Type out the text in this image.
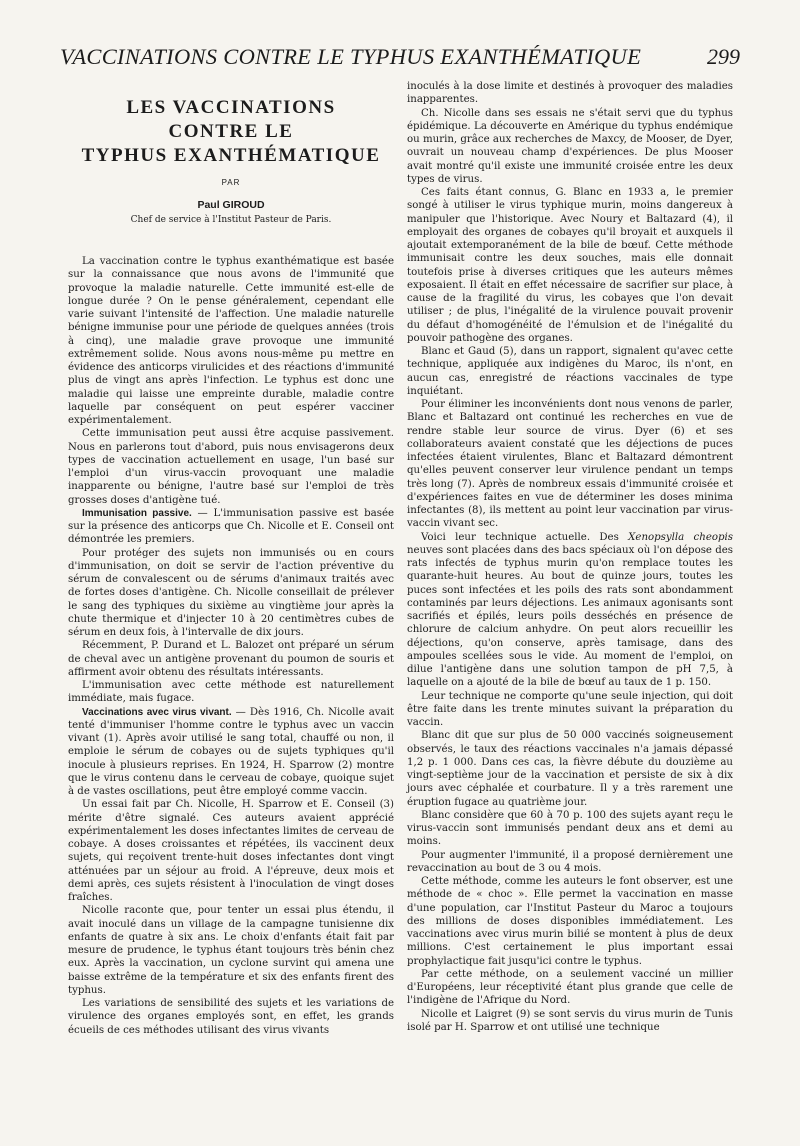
VACCINATIONS CONTRE LE TYPHUS EXANTHÉMATIQUE	299
LES VACCINATIONS
CONTRE LE
TYPHUS EXANTHÉMATIQUE
PAR
Paul GIROUD
Chef de service à l'Institut Pasteur de Paris.

La vaccination contre le typhus exanthématique est basée sur la connaissance que nous avons de l'immunité que provoque la maladie naturelle. Cette immunité est-elle de longue durée ? On le pense généralement, cependant elle varie suivant l'intensité de l'affection. Une maladie naturelle bénigne immunise pour une période de quelques années (trois à cinq), une maladie grave provoque une immunité extrêmement solide. Nous avons nous-même pu mettre en évidence des anticorps virulicides et des réactions d'immunité plus de vingt ans après l'infection. Le typhus est donc une maladie qui laisse une empreinte durable, maladie contre laquelle par conséquent on peut espérer vacciner expérimentalement.

Cette immunisation peut aussi être acquise passivement. Nous en parlerons tout d'abord, puis nous envisagerons deux types de vaccination actuellement en usage, l'un basé sur l'emploi d'un virus-vaccin provoquant une maladie inapparente ou bénigne, l'autre basé sur l'emploi de très grosses doses d'antigène tué.

Immunisation passive. — L'immunisation passive est basée sur la présence des anticorps que Ch. Nicolle et E. Conseil ont démontrée les premiers.

Pour protéger des sujets non immunisés ou en cours d'immunisation, on doit se servir de l'action préventive du sérum de convalescent ou de sérums d'animaux traités avec de fortes doses d'antigène. Ch. Nicolle conseillait de prélever le sang des typhiques du sixième au vingtième jour après la chute thermique et d'injecter 10 à 20 centimètres cubes de sérum en deux fois, à l'intervalle de dix jours.

Récemment, P. Durand et L. Balozet ont préparé un sérum de cheval avec un antigène provenant du poumon de souris et affirment avoir obtenu des résultats intéressants.

L'immunisation avec cette méthode est naturellement immédiate, mais fugace.

Vaccinations avec virus vivant. — Dès 1916, Ch. Nicolle avait tenté d'immuniser l'homme contre le typhus avec un vaccin vivant (1). Après avoir utilisé le sang total, chauffé ou non, il emploie le sérum de cobayes ou de sujets typhiques qu'il inocule à plusieurs reprises. En 1924, H. Sparrow (2) montre que le virus contenu dans le cerveau de cobaye, quoique sujet à de vastes oscillations, peut être employé comme vaccin.

Un essai fait par Ch. Nicolle, H. Sparrow et E. Conseil (3) mérite d'être signalé. Ces auteurs avaient apprécié expérimentalement les doses infectantes limites de cerveau de cobaye. A doses croissantes et répétées, ils vaccinent deux sujets, qui reçoivent trente-huit doses infectantes dont vingt atténuées par un séjour au froid. A l'épreuve, deux mois et demi après, ces sujets résistent à l'inoculation de vingt doses fraîches.

Nicolle raconte que, pour tenter un essai plus étendu, il avait inoculé dans un village de la campagne tunisienne dix enfants de quatre à six ans. Le choix d'enfants était fait par mesure de prudence, le typhus étant toujours très bénin chez eux. Après la vaccination, un cyclone survint qui amena une baisse extrême de la température et six des enfants firent des typhus.

Les variations de sensibilité des sujets et les variations de virulence des organes employés sont, en effet, les grands écueils de ces méthodes utilisant des virus vivants

inoculés à la dose limite et destinés à provoquer des maladies inapparentes.

Ch. Nicolle dans ses essais ne s'était servi que du typhus épidémique. La découverte en Amérique du typhus endémique ou murin, grâce aux recherches de Maxcy, de Mooser, de Dyer, ouvrait un nouveau champ d'expériences. De plus Mooser avait montré qu'il existe une immunité croisée entre les deux types de virus.

Ces faits étant connus, G. Blanc en 1933 a, le premier songé à utiliser le virus typhique murin, moins dangereux à manipuler que l'historique. Avec Noury et Baltazard (4), il employait des organes de cobayes qu'il broyait et auxquels il ajoutait extemporanément de la bile de bœuf. Cette méthode immunisait contre les deux souches, mais elle donnait toutefois prise à diverses critiques que les auteurs mêmes exposaient. Il était en effet nécessaire de sacrifier sur place, à cause de la fragilité du virus, les cobayes que l'on devait utiliser ; de plus, l'inégalité de la virulence pouvait provenir du défaut d'homogénéité de l'émulsion et de l'inégalité du pouvoir pathogène des organes.

Blanc et Gaud (5), dans un rapport, signalent qu'avec cette technique, appliquée aux indigènes du Maroc, ils n'ont, en aucun cas, enregistré de réactions vaccinales de type inquiétant.

Pour éliminer les inconvénients dont nous venons de parler, Blanc et Baltazard ont continué les recherches en vue de rendre stable leur source de virus. Dyer (6) et ses collaborateurs avaient constaté que les déjections de puces infectées étaient virulentes, Blanc et Baltazard démontrent qu'elles peuvent conserver leur virulence pendant un temps très long (7). Après de nombreux essais d'immunité croisée et d'expériences faites en vue de déterminer les doses minima infectantes (8), ils mettent au point leur vaccination par virus-vaccin vivant sec.

Voici leur technique actuelle. Des Xenopsylla cheopis neuves sont placées dans des bacs spéciaux où l'on dépose des rats infectés de typhus murin qu'on remplace toutes les quarante-huit heures. Au bout de quinze jours, toutes les puces sont infectées et les poils des rats sont abondamment contaminés par leurs déjections. Les animaux agonisants sont sacrifiés et épilés, leurs poils desséchés en présence de chlorure de calcium anhydre. On peut alors recueillir les déjections, qu'on conserve, après tamisage, dans des ampoules scellées sous le vide. Au moment de l'emploi, on dilue l'antigène dans une solution tampon de pH 7,5, à laquelle on a ajouté de la bile de bœuf au taux de 1 p. 150.

Leur technique ne comporte qu'une seule injection, qui doit être faite dans les trente minutes suivant la préparation du vaccin.

Blanc dit que sur plus de 50 000 vaccinés soigneusement observés, le taux des réactions vaccinales n'a jamais dépassé 1,2 p. 1 000. Dans ces cas, la fièvre débute du douzième au vingt-septième jour de la vaccination et persiste de six à dix jours avec céphalée et courbature. Il y a très rarement une éruption fugace au quatrième jour.

Blanc considère que 60 à 70 p. 100 des sujets ayant reçu le virus-vaccin sont immunisés pendant deux ans et demi au moins.

Pour augmenter l'immunité, il a proposé dernièrement une revaccination au bout de 3 ou 4 mois.

Cette méthode, comme les auteurs le font observer, est une méthode de « choc ». Elle permet la vaccination en masse d'une population, car l'Institut Pasteur du Maroc a toujours des millions de doses disponibles immédiatement. Les vaccinations avec virus murin bilié se montent à plus de deux millions. C'est certainement le plus important essai prophylactique fait jusqu'ici contre le typhus.

Par cette méthode, on a seulement vacciné un millier d'Européens, leur réceptivité étant plus grande que celle de l'indigène de l'Afrique du Nord.

Nicolle et Laigret (9) se sont servis du virus murin de Tunis isolé par H. Sparrow et ont utilisé une technique
